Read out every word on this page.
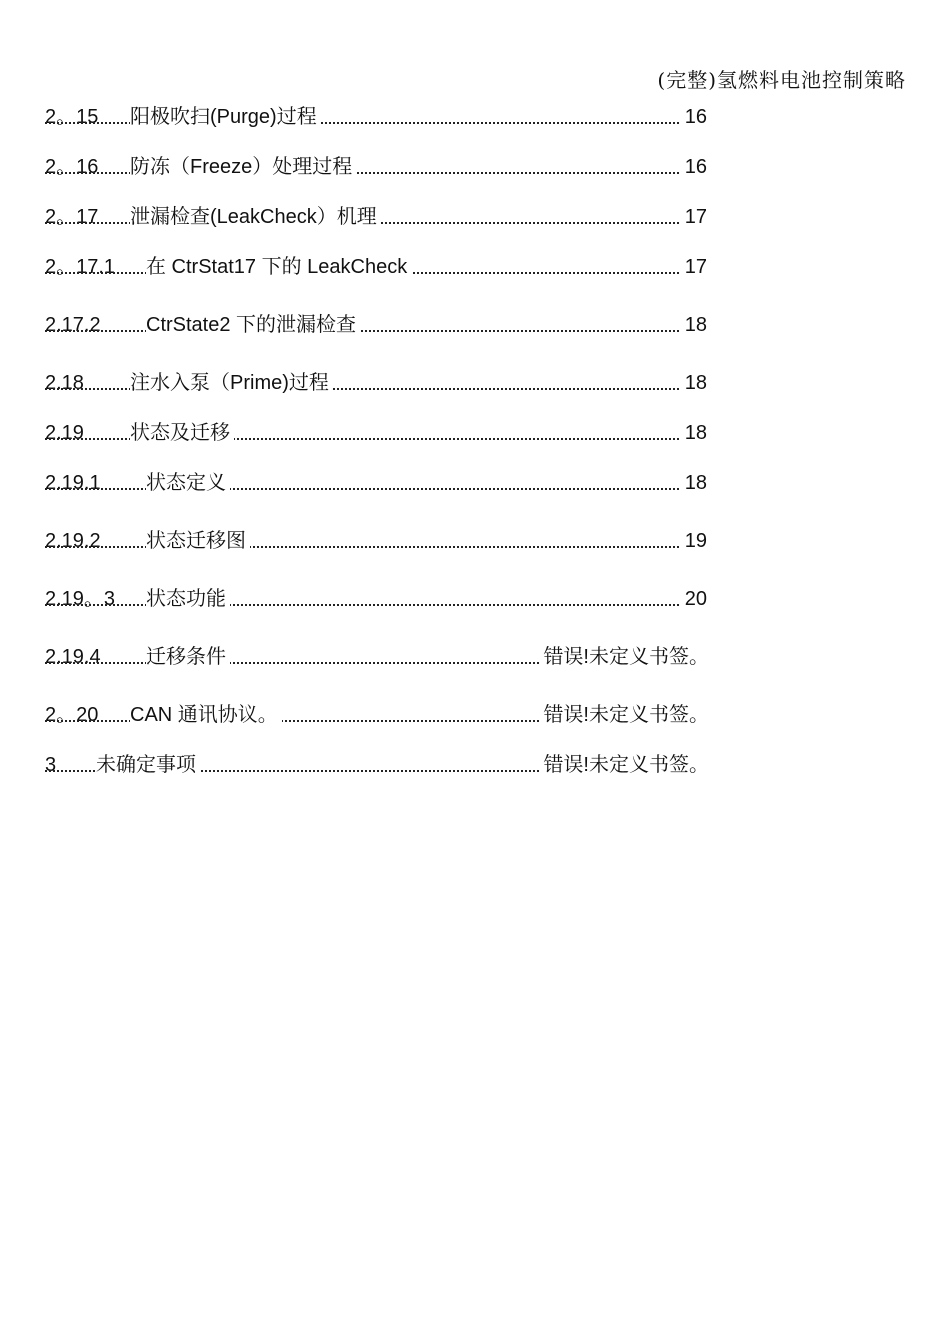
(完整)氢燃料电池控制策略
2。15 阳极吹扫(Purge)过程	16
2。16 防冻（Freeze）处理过程	16
2。17 泄漏检查(LeakCheck）机理	17
2。17.1 在 CtrStat17 下的 LeakCheck	17
2.17.2 CtrState2 下的泄漏检查	18
2.18 注水入泵（Prime)过程	18
2.19 状态及迁移	18
2.19.1 状态定义	18
2.19.2 状态迁移图	19
2.19。3 状态功能	20
2.19.4 迁移条件	错误!未定义书签。
2。20 CAN 通讯协议。	错误!未定义书签。
3 未确定事项	错误!未定义书签。
